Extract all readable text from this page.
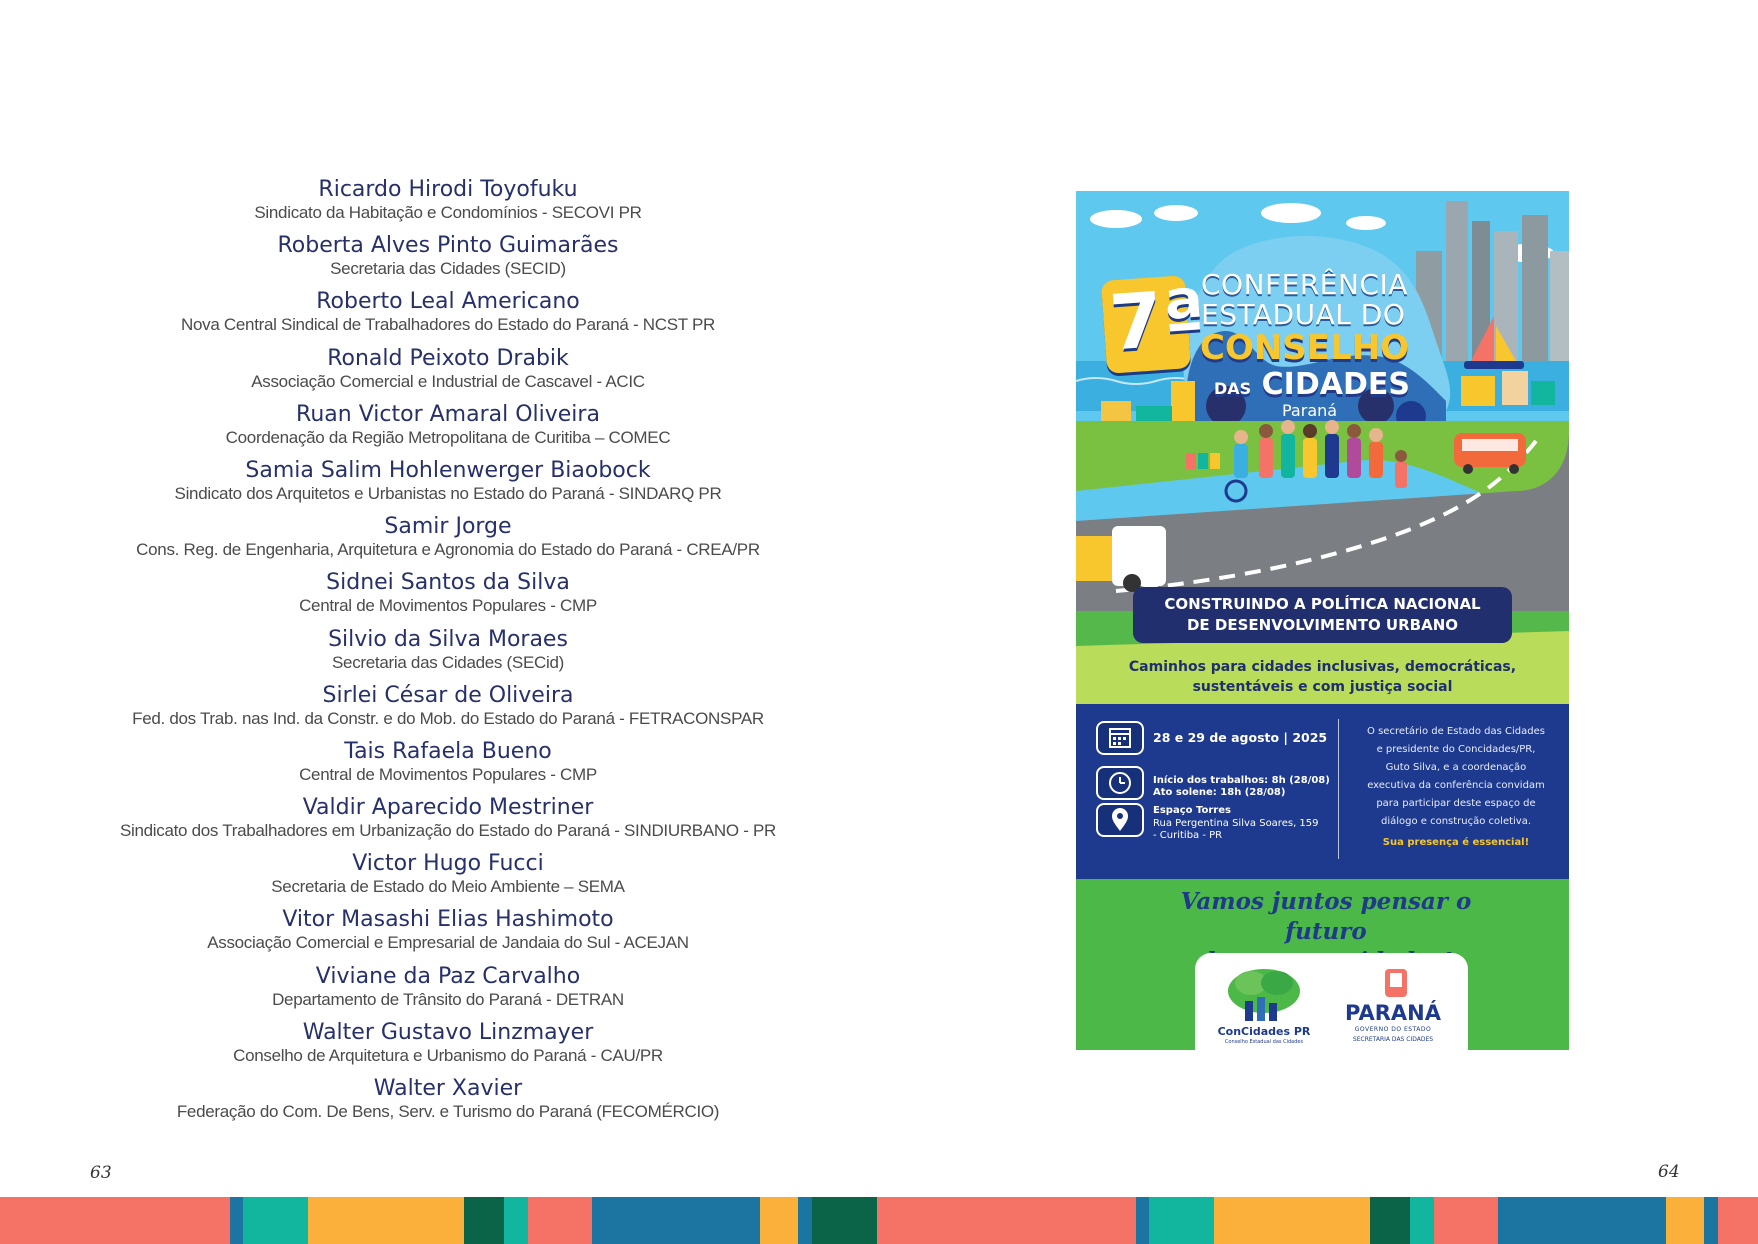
Ricardo Hirodi Toyofuku
Sindicato da Habitação e Condomínios - SECOVI PR
Roberta Alves Pinto Guimarães
Secretaria das Cidades (SECID)
Roberto Leal Americano
Nova Central Sindical de Trabalhadores do Estado do Paraná - NCST PR
Ronald Peixoto Drabik
Associação Comercial e Industrial de Cascavel - ACIC
Ruan Victor Amaral Oliveira
Coordenação da Região Metropolitana de Curitiba – COMEC
Samia Salim Hohlenwerger Biaobock
Sindicato dos Arquitetos e Urbanistas no Estado do Paraná - SINDARQ PR
Samir Jorge
Cons. Reg. de Engenharia, Arquitetura e Agronomia do Estado do Paraná - CREA/PR
Sidnei Santos da Silva
Central de Movimentos Populares - CMP
Silvio da Silva Moraes
Secretaria das Cidades (SECid)
Sirlei César de Oliveira
Fed. dos Trab. nas Ind. da Constr. e do Mob. do Estado do Paraná - FETRACONSPAR
Tais Rafaela Bueno
Central de Movimentos Populares - CMP
Valdir Aparecido Mestriner
Sindicato dos Trabalhadores em Urbanização do Estado do Paraná - SINDIURBANO - PR
Victor Hugo Fucci
Secretaria de Estado do Meio Ambiente – SEMA
Vitor Masashi Elias Hashimoto
Associação Comercial e Empresarial de Jandaia do Sul - ACEJAN
Viviane da Paz Carvalho
Departamento de Trânsito do Paraná - DETRAN
Walter Gustavo Linzmayer
Conselho de Arquitetura e Urbanismo do Paraná - CAU/PR
Walter Xavier
Federação do Com. De Bens, Serv. e Turismo do Paraná (FECOMÉRCIO)
63	64
7ª
CONFERÊNCIA
ESTADUAL DO
CONSELHO
DAS CIDADES
Paraná
CONSTRUINDO A POLÍTICA NACIONAL
DE DESENVOLVIMENTO URBANO
Caminhos para cidades inclusivas, democráticas,
sustentáveis e com justiça social
28 e 29 de agosto | 2025
Início dos trabalhos: 8h (28/08)
Ato solene: 18h (28/08)
Espaço Torres
Rua Pergentina Silva Soares, 159
- Curitiba - PR
O secretário de Estado das Cidades
e presidente do Concidades/PR,
Guto Silva, e a coordenação
executiva da conferência convidam
para participar deste espaço de
diálogo e construção coletiva.
Sua presença é essencial!
Vamos juntos pensar o futuro
ConCidades PR
Conselho Estadual das Cidades
PARANÁ
GOVERNO DO ESTADO
SECRETARIA DAS CIDADES
